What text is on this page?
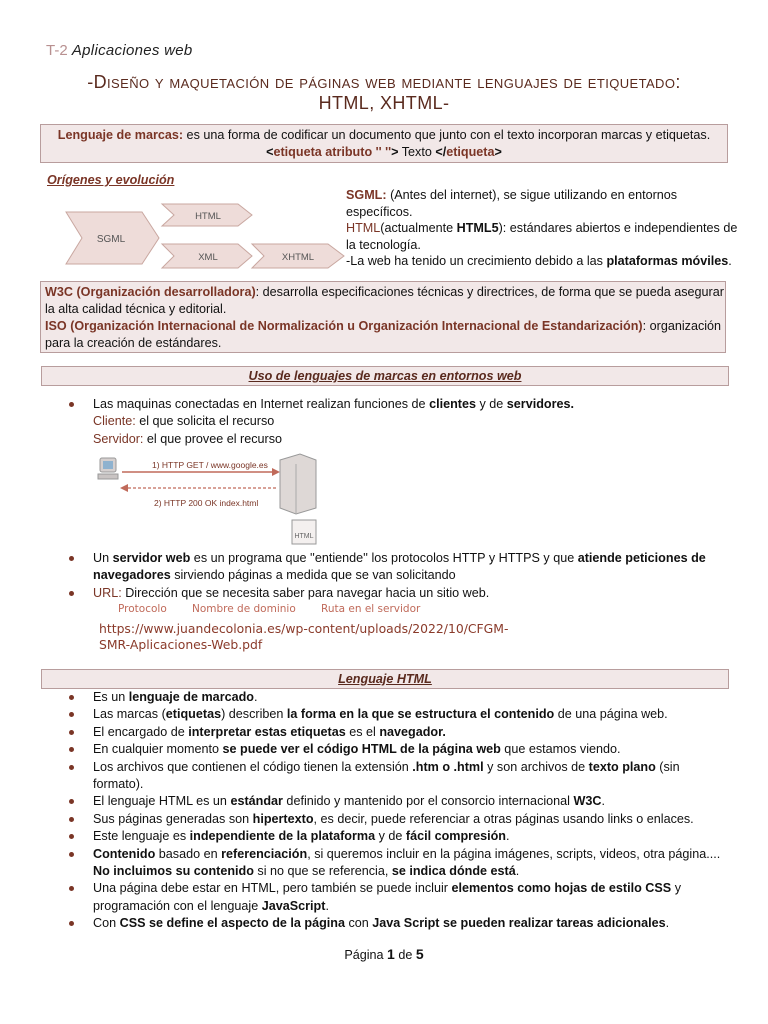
T-2 Aplicaciones web
-Diseño y maquetación de páginas web mediante lenguajes de etiquetado:
HTML, XHTML-
Lenguaje de marcas: es una forma de codificar un documento que junto con el texto incorporan marcas y etiquetas.
<etiqueta atributo '' ''> Texto </etiqueta>
Orígenes y evolución
SGML
HTML
XML	XHTML
SGML: (Antes del internet), se sigue utilizando en entornos específicos.
HTML(actualmente HTML5): estándares abiertos e independientes de la tecnología.
-La web ha tenido un crecimiento debido a las plataformas móviles.
W3C (Organización desarrolladora): desarrolla especificaciones técnicas y directrices, de forma que se pueda asegurar la alta calidad técnica y editorial.
ISO (Organización Internacional de Normalización u Organización Internacional de Estandarización): organización para la creación de estándares.
Uso de lenguajes de marcas en entornos web
Las maquinas conectadas en Internet realizan funciones de clientes y de servidores.
Cliente: el que solicita el recurso
Servidor: el que provee el recurso
1) HTTP GET / www.google.es
2) HTTP 200 OK index.html
HTML
Un servidor web es un programa que ''entiende'' los protocolos HTTP y HTTPS y que atiende peticiones de navegadores sirviendo páginas a medida que se van solicitando
URL: Dirección que se necesita saber para navegar hacia un sitio web.
Protocolo Nombre de dominio Ruta en el servidor
https://www.juandecolonia.es/wp-content/uploads/2022/10/CFGM-SMR-Aplicaciones-Web.pdf
Lenguaje HTML
Es un lenguaje de marcado.
Las marcas (etiquetas) describen la forma en la que se estructura el contenido de una página web.
El encargado de interpretar estas etiquetas es el navegador.
En cualquier momento se puede ver el código HTML de la página web que estamos viendo.
Los archivos que contienen el código tienen la extensión .htm o .html y son archivos de texto plano (sin formato).
El lenguaje HTML es un estándar definido y mantenido por el consorcio internacional W3C.
Sus páginas generadas son hipertexto, es decir, puede referenciar a otras páginas usando links o enlaces.
Este lenguaje es independiente de la plataforma y de fácil compresión.
Contenido basado en referenciación, si queremos incluir en la página imágenes, scripts, videos, otra página.... No incluimos su contenido si no que se referencia, se indica dónde está.
Una página debe estar en HTML, pero también se puede incluir elementos como hojas de estilo CSS y programación con el lenguaje JavaScript.
Con CSS se define el aspecto de la página con Java Script se pueden realizar tareas adicionales.
Página 1 de 5
